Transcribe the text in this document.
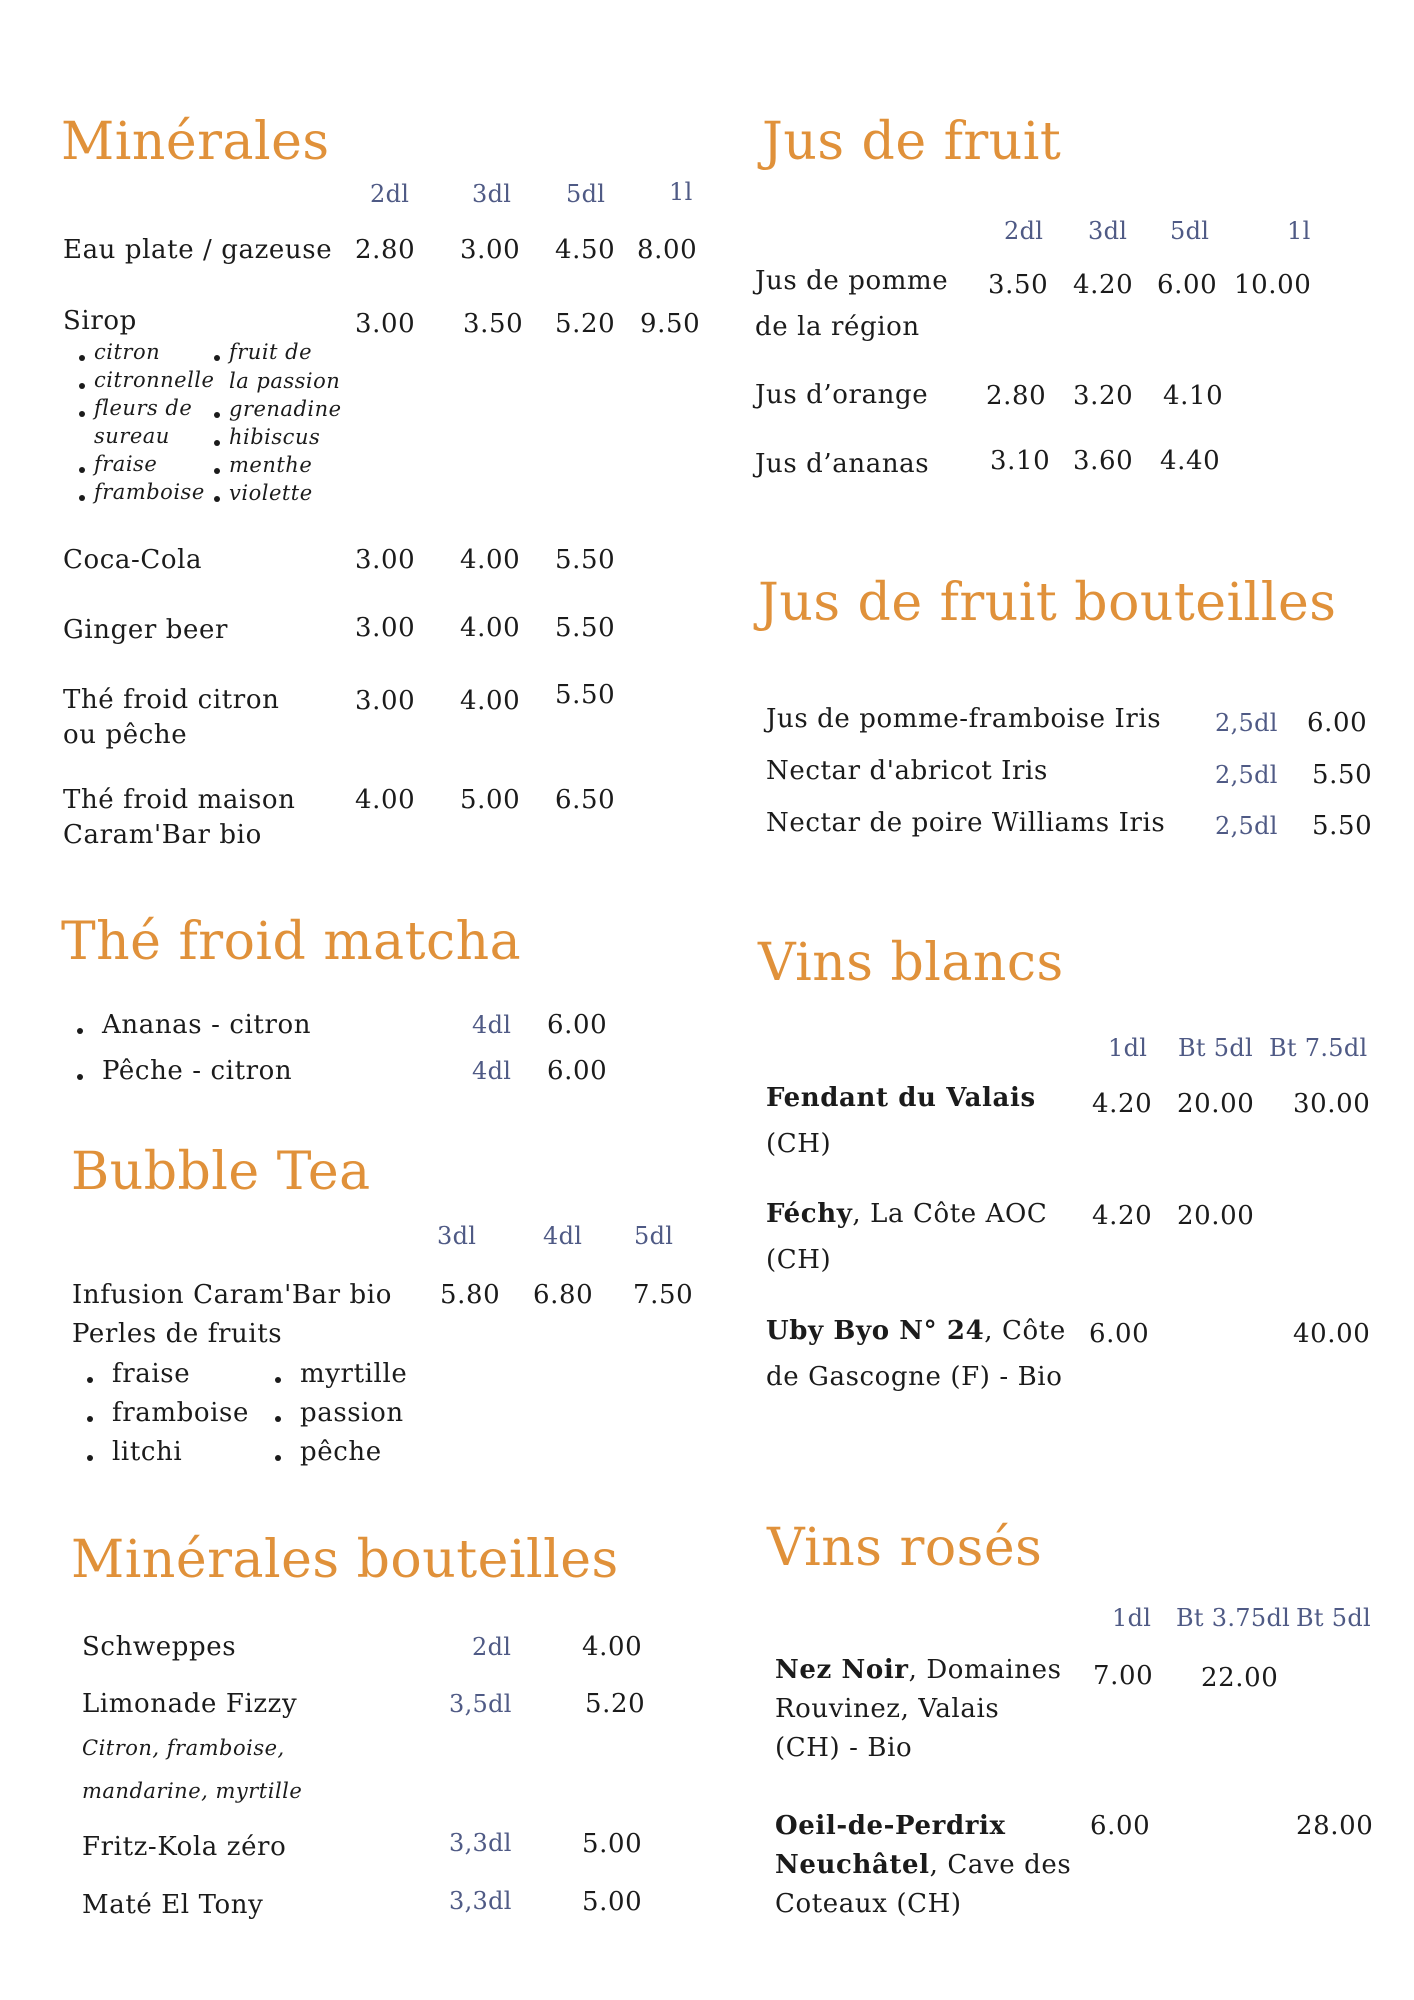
Minérales
2dl	3dl 5dl	1l
Eau plate / gazeuse 2.80 3.00 4.50 8.00
Sirop	3.00 3.50 5.20 9.50
citron
citronnelle
fleurs de
sureau
fraise
framboise
fruit de
la passion
grenadine
hibiscus
menthe
violette
Coca-Cola	3.00 4.00 5.50
Ginger beer	3.00 4.00 5.50
Thé froid citron
ou pêche
3.00 4.00 5.50
Thé froid maison
Caram'Bar bio
4.00 5.00 6.50
Thé froid matcha
Ananas - citron	4dl 6.00
Pêche - citron	4dl 6.00
Bubble Tea
3dl	4dl 5dl
Infusion Caram'Bar bio 5.80 6.80 7.50
Perles de fruits
fraise
framboise
litchi
myrtille
passion
pêche
Minérales bouteilles
Schweppes	2dl	4.00
Limonade Fizzy	3,5dl	5.20
Citron, framboise,
mandarine, myrtille
Fritz-Kola zéro	3,3dl	5.00
Maté El Tony	3,3dl	5.00
Jus de fruit
2dl 3dl 5dl	1l
Jus de pomme
de la région
3.50 4.20 6.00 10.00
Jus d’orange 2.80 3.20 4.10
Jus d’ananas 3.10 3.60 4.40
Jus de fruit bouteilles
Jus de pomme-framboise Iris 2,5dl 6.00
Nectar d'abricot Iris	2,5dl 5.50
Nectar de poire Williams Iris 2,5dl 5.50
Vins blancs
1dl Bt 5dl Bt 7.5dl
Fendant du Valais
(CH)
4.20 20.00 30.00
Féchy, La Côte AOC
(CH)
4.20 20.00
Uby Byo N° 24, Côte
de Gascogne (F) - Bio
6.00	40.00
Vins rosés
1dl Bt 3.75dl Bt 5dl
Nez Noir, Domaines
Rouvinez, Valais
(CH) - Bio
7.00 22.00
Oeil-de-Perdrix
Neuchâtel, Cave des
Coteaux (CH)
6.00	28.00
